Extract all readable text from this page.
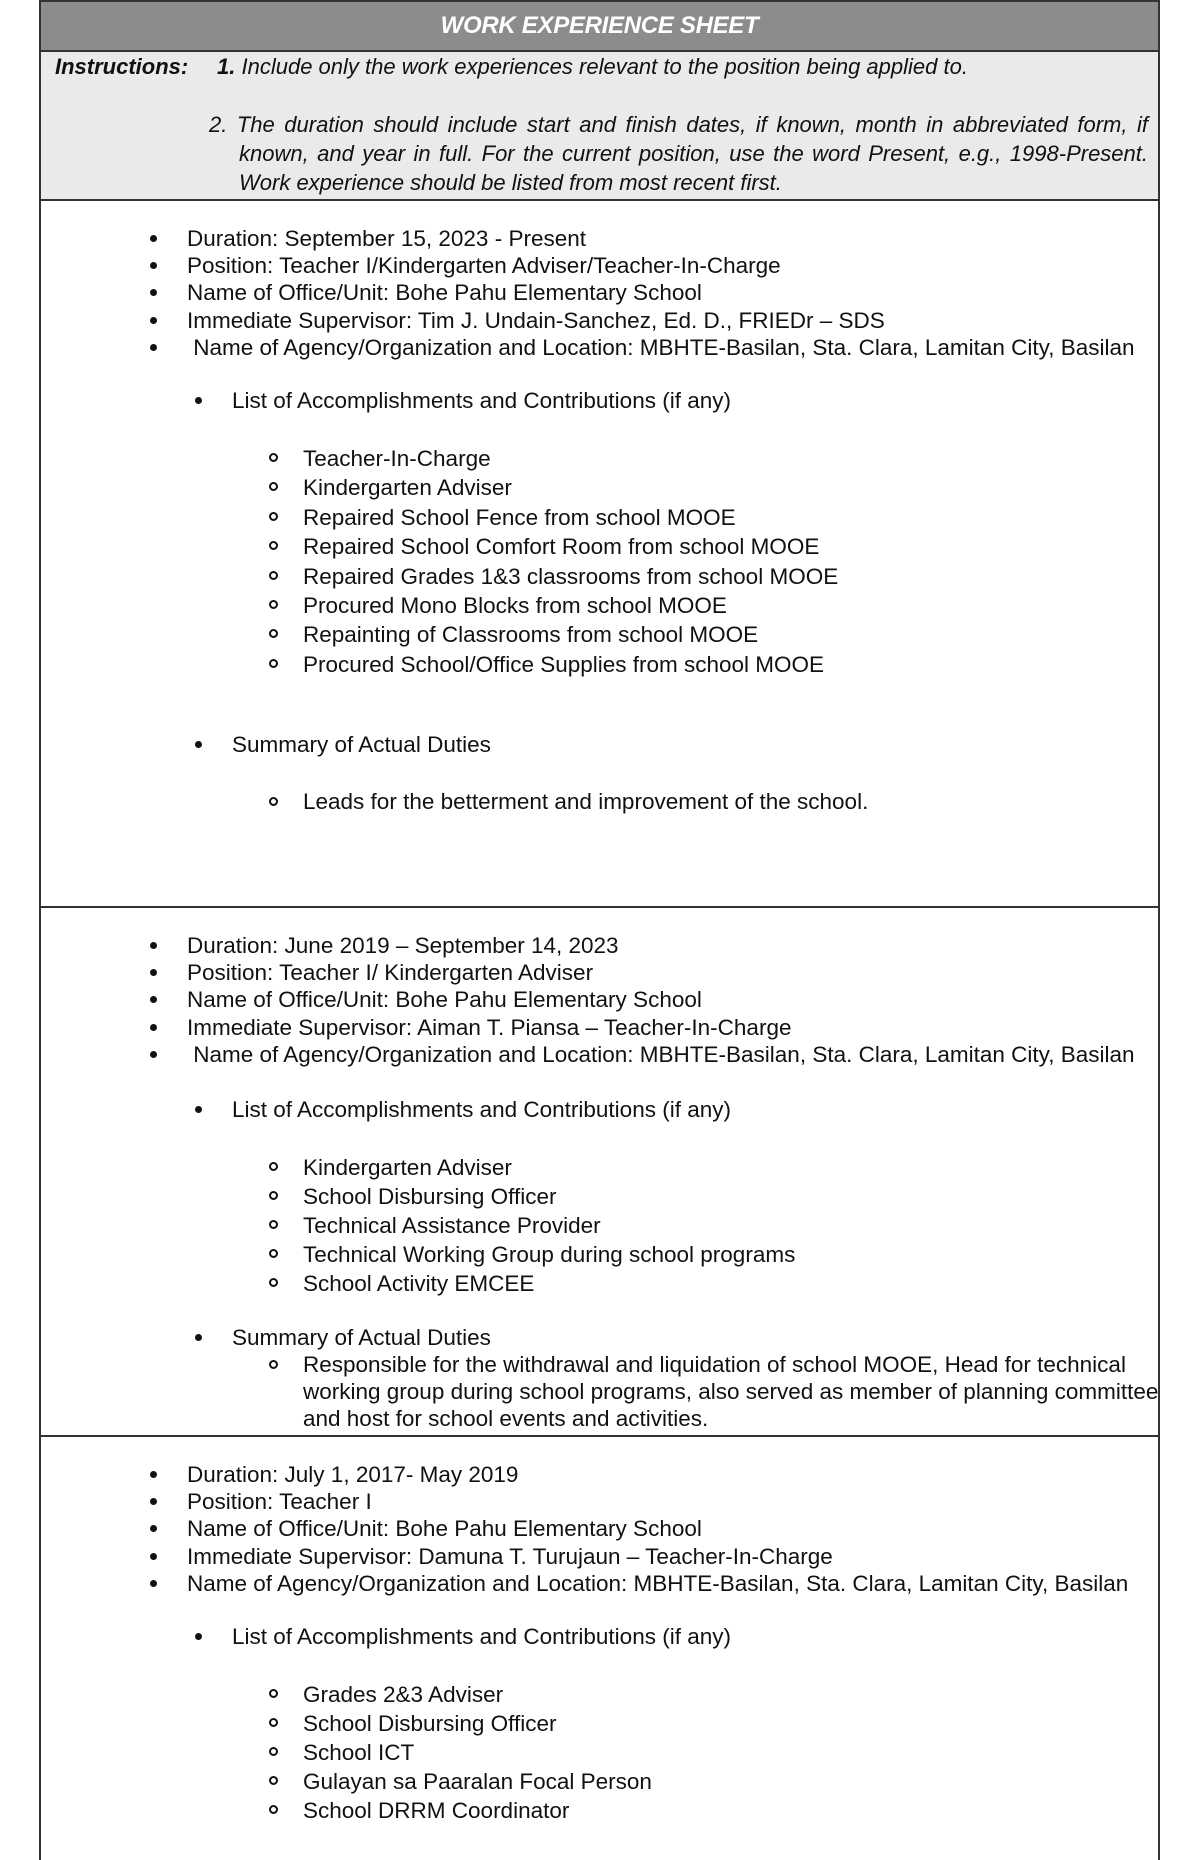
WORK EXPERIENCE SHEET
Instructions: 1. Include only the work experiences relevant to the position being applied to.
2. The duration should include start and finish dates, if known, month in abbreviated form, if known, and year in full. For the current position, use the word Present, e.g., 1998-Present. Work experience should be listed from most recent first.
Duration: September 15, 2023 - Present
Position: Teacher I/Kindergarten Adviser/Teacher-In-Charge
Name of Office/Unit: Bohe Pahu Elementary School
Immediate Supervisor: Tim J. Undain-Sanchez, Ed. D., FRIEDr – SDS
Name of Agency/Organization and Location: MBHTE-Basilan, Sta. Clara, Lamitan City, Basilan
List of Accomplishments and Contributions (if any)
Teacher-In-Charge
Kindergarten Adviser
Repaired School Fence from school MOOE
Repaired School Comfort Room from school MOOE
Repaired Grades 1&3 classrooms from school MOOE
Procured Mono Blocks from school MOOE
Repainting of Classrooms from school MOOE
Procured School/Office Supplies from school MOOE
Summary of Actual Duties
Leads for the betterment and improvement of the school.
Duration: June 2019 – September 14, 2023
Position: Teacher I/ Kindergarten Adviser
Name of Office/Unit: Bohe Pahu Elementary School
Immediate Supervisor: Aiman T. Piansa – Teacher-In-Charge
Name of Agency/Organization and Location: MBHTE-Basilan, Sta. Clara, Lamitan City, Basilan
List of Accomplishments and Contributions (if any)
Kindergarten Adviser
School Disbursing Officer
Technical Assistance Provider
Technical Working Group during school programs
School Activity EMCEE
Summary of Actual Duties
Responsible for the withdrawal and liquidation of school MOOE, Head for technical working group during school programs, also served as member of planning committee and host for school events and activities.
Duration: July 1, 2017- May 2019
Position: Teacher I
Name of Office/Unit: Bohe Pahu Elementary School
Immediate Supervisor: Damuna T. Turujaun – Teacher-In-Charge
Name of Agency/Organization and Location: MBHTE-Basilan, Sta. Clara, Lamitan City, Basilan
List of Accomplishments and Contributions (if any)
Grades 2&3 Adviser
School Disbursing Officer
School ICT
Gulayan sa Paaralan Focal Person
School DRRM Coordinator
